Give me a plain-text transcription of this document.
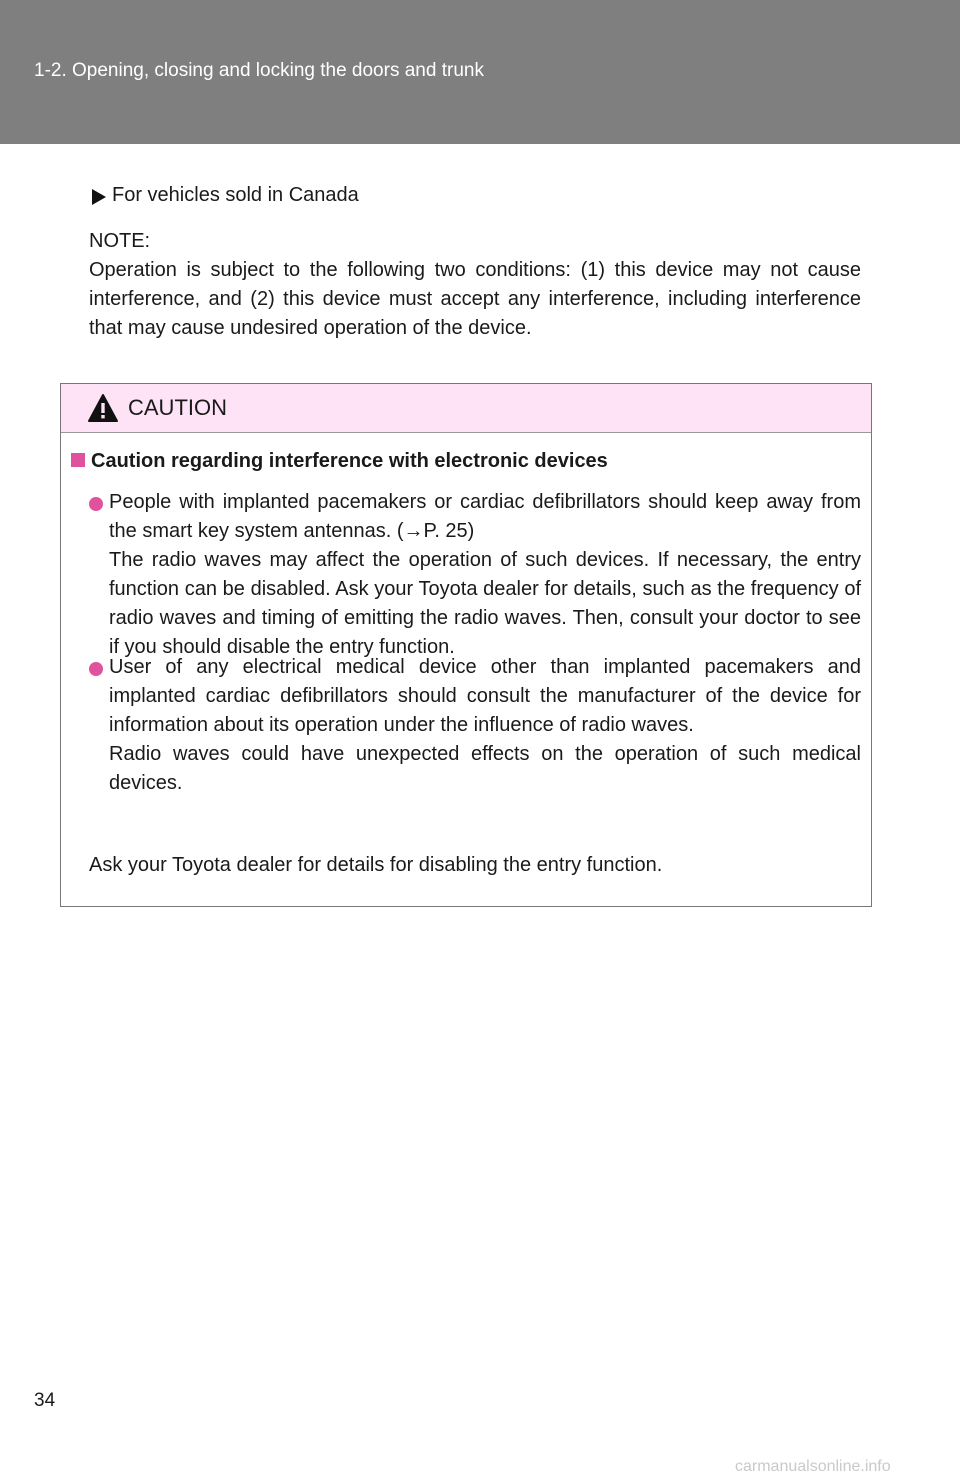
1-2. Opening, closing and locking the doors and trunk
For vehicles sold in Canada

NOTE:

Operation is subject to the following two conditions: (1) this device may not cause interference, and (2) this device must accept any interference, including interference that may cause undesired operation of the device.

CAUTION
Caution regarding interference with electronic devices

People with implanted pacemakers or cardiac defibrillators should keep away from the smart key system antennas. (→P. 25)

The radio waves may affect the operation of such devices. If necessary, the entry function can be disabled. Ask your Toyota dealer for details, such as the frequency of radio waves and timing of emitting the radio waves. Then, consult your doctor to see if you should disable the entry function.

User of any electrical medical device other than implanted pacemakers and implanted cardiac defibrillators should consult the manufacturer of the device for information about its operation under the influence of radio waves.

Radio waves could have unexpected effects on the operation of such medical devices.

Ask your Toyota dealer for details for disabling the entry function.
34
carmanualsonline.info
